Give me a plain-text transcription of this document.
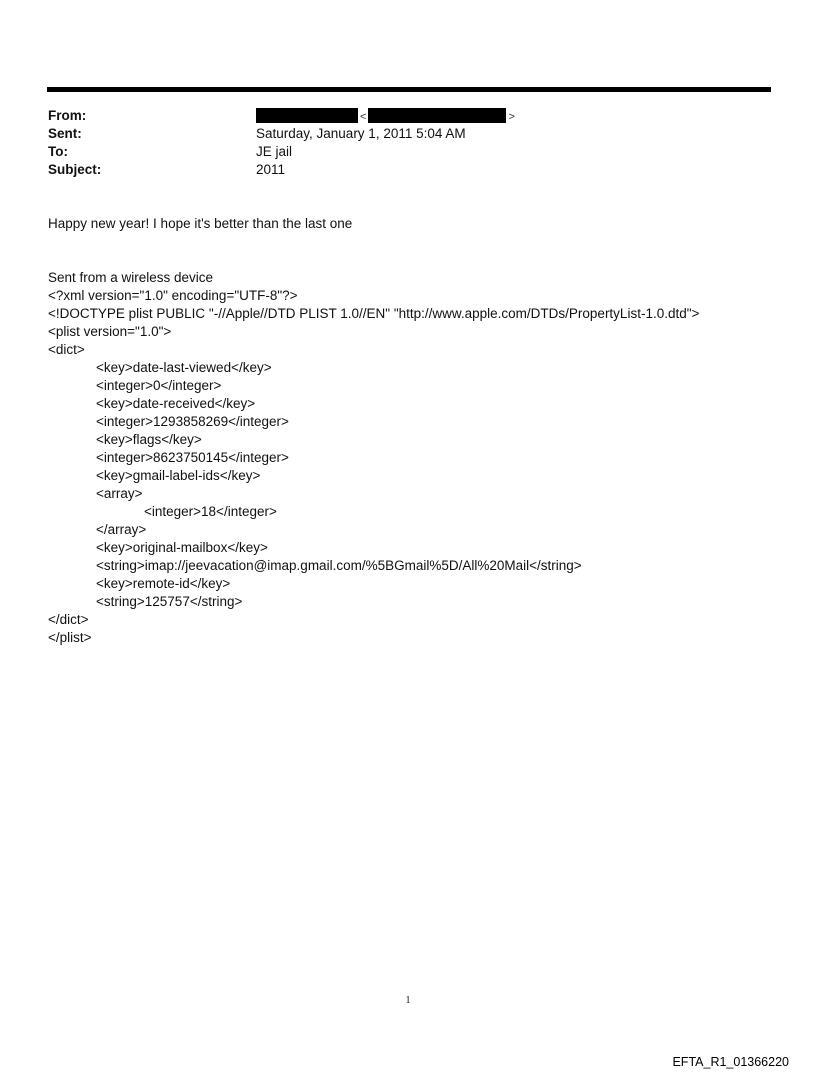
From:	<	>
Sent:	Saturday, January 1, 2011 5:04 AM
To:	JE jail
Subject:	2011
Happy new year! I hope it's better than the last one
Sent from a wireless device
<?xml version="1.0" encoding="UTF-8"?>
<!DOCTYPE plist PUBLIC "-//Apple//DTD PLIST 1.0//EN" "http://www.apple.com/DTDs/PropertyList-1.0.dtd">
<plist version="1.0">
<dict>
<key>date-last-viewed</key>
<integer>0</integer>
<key>date-received</key>
<integer>1293858269</integer>
<key>flags</key>
<integer>8623750145</integer>
<key>gmail-label-ids</key>
<array>
<integer>18</integer>
</array>
<key>original-mailbox</key>
<string>imap://jeevacation@imap.gmail.com/%5BGmail%5D/All%20Mail</string>
<key>remote-id</key>
<string>125757</string>
</dict>
</plist>
1
EFTA_R1_01366220
